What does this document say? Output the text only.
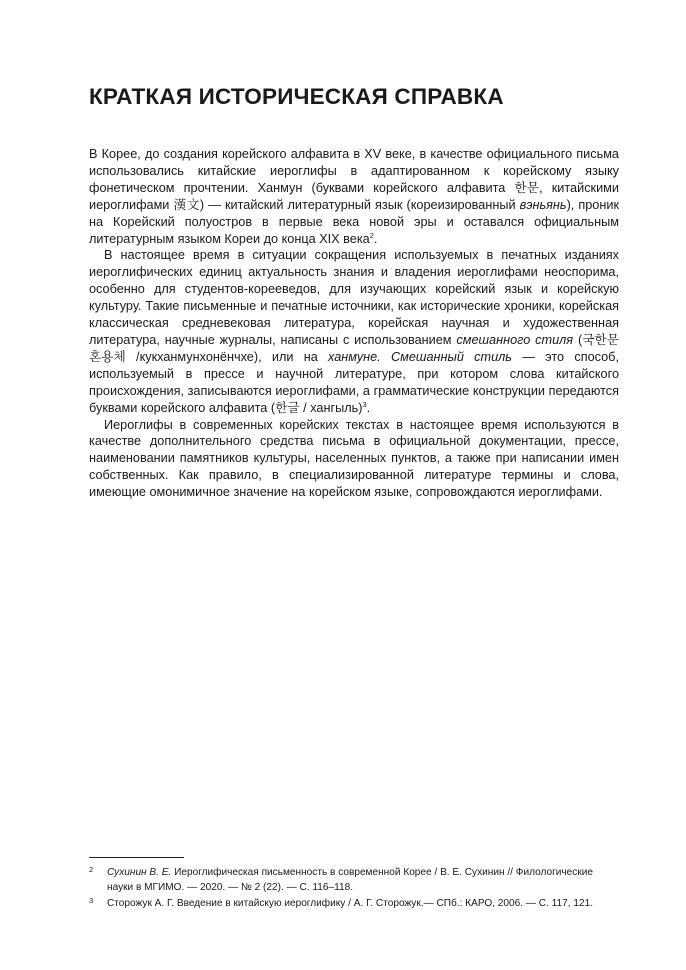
КРАТКАЯ ИСТОРИЧЕСКАЯ СПРАВКА

В Корее, до создания корейского алфавита в XV веке, в качестве официального письма использовались китайские иероглифы в адаптированном к корейскому языку фонетическом прочтении. Ханмун (буквами корейского алфавита 한문, китайскими иероглифами 漢文) — китайский литературный язык (кореизированный вэньянь), проник на Корейский полуостров в первые века новой эры и оставался официальным литературным языком Кореи до конца XIX века$^2$.

В настоящее время в ситуации сокращения используемых в печатных изданиях иероглифических единиц актуальность знания и владения иероглифами неоспорима, особенно для студентов-корееведов, для изучающих корейский язык и корейскую культуру. Такие письменные и печатные источники, как исторические хроники, корейская классическая средневековая литература, корейская научная и художественная литература, научные журналы, написаны с использованием смешанного стиля (국한문혼용체 /кукханмунхонёнчхе), или на ханмуне. Смешанный стиль — это способ, используемый в прессе и научной литературе, при котором слова китайского происхождения, записываются иероглифами, а грамматические конструкции передаются буквами корейского алфавита (한글 / хангыль)$^3$.

Иероглифы в современных корейских текстах в настоящее время используются в качестве дополнительного средства письма в официальной документации, прессе, наименовании памятников культуры, населенных пунктов, а также при написании имен собственных. Как правило, в специализированной литературе термины и слова, имеющие омонимичное значение на корейском языке, сопровождаются иероглифами.

2 Сухинин В. Е. Иероглифическая письменность в современной Корее / В. Е. Сухинин // Филологические науки в МГИМО. — 2020. — № 2 (22). — С. 116–118.
3 Сторожук А. Г. Введение в китайскую иероглифику / А. Г. Сторожук.— СПб.: КАРО, 2006. — С. 117, 121.
